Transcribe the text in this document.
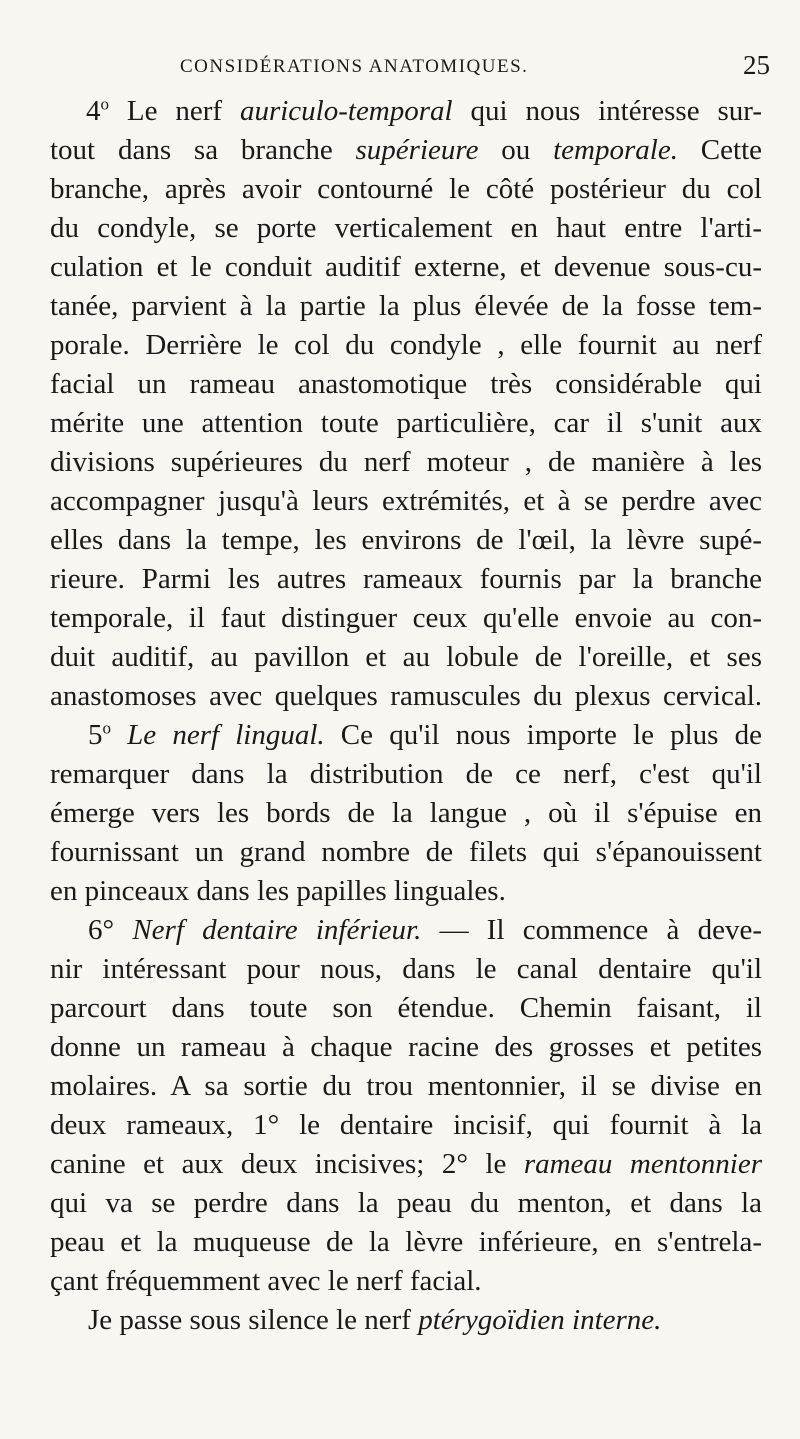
CONSIDÉRATIONS ANATOMIQUES.	25
4$^o$ Le nerf auriculo-temporal qui nous intéresse sur-
tout dans sa branche supérieure ou temporale. Cette
branche, après avoir contourné le côté postérieur du col
du condyle, se porte verticalement en haut entre l'arti-
culation et le conduit auditif externe, et devenue sous-cu-
tanée, parvient à la partie la plus élevée de la fosse tem-
porale. Derrière le col du condyle , elle fournit au nerf
facial un rameau anastomotique très considérable qui
mérite une attention toute particulière, car il s'unit aux
divisions supérieures du nerf moteur , de manière à les
accompagner jusqu'à leurs extrémités, et à se perdre avec
elles dans la tempe, les environs de l'œil, la lèvre supé-
rieure. Parmi les autres rameaux fournis par la branche
temporale, il faut distinguer ceux qu'elle envoie au con-
duit auditif, au pavillon et au lobule de l'oreille, et ses
anastomoses avec quelques ramuscules du plexus cervical.
5$^o$ Le nerf lingual. Ce qu'il nous importe le plus de
remarquer dans la distribution de ce nerf, c'est qu'il
émerge vers les bords de la langue , où il s'épuise en
fournissant un grand nombre de filets qui s'épanouissent
en pinceaux dans les papilles linguales.
6° Nerf dentaire inférieur. — Il commence à deve-
nir intéressant pour nous, dans le canal dentaire qu'il
parcourt dans toute son étendue. Chemin faisant, il
donne un rameau à chaque racine des grosses et petites
molaires. A sa sortie du trou mentonnier, il se divise en
deux rameaux, 1° le dentaire incisif, qui fournit à la
canine et aux deux incisives; 2° le rameau mentonnier
qui va se perdre dans la peau du menton, et dans la
peau et la muqueuse de la lèvre inférieure, en s'entrela-
çant fréquemment avec le nerf facial.
Je passe sous silence le nerf ptérygoïdien interne.
